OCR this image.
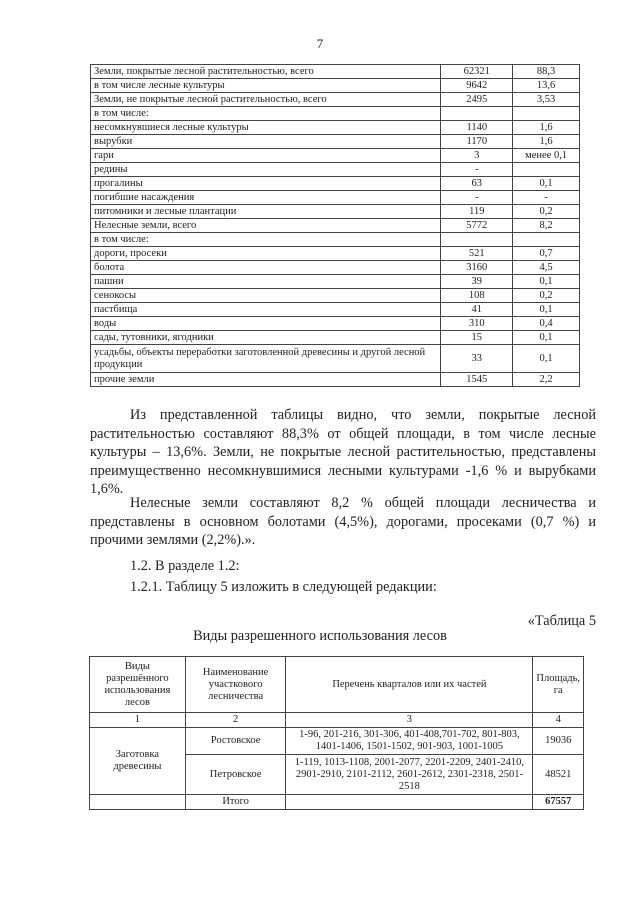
7
Земли, покрытые лесной растительностью, всего	62321	88,3
в том числе лесные культуры	9642	13,6
Земли, не покрытые лесной растительностью, всего	2495	3,53
в том числе:		
несомкнувшиеся лесные культуры	1140	1,6
вырубки	1170	1,6
гари	3	менее 0,1
редины	-	
прогалины	63	0,1
погибшие насаждения	-	-
питомники и лесные плантации	119	0,2
Нелесные земли, всего	5772	8,2
в том числе:		
дороги, просеки	521	0,7
болота	3160	4,5
пашни	39	0,1
сенокосы	108	0,2
пастбища	41	0,1
воды	310	0,4
сады, тутовники, ягодники	15	0,1
усадьбы, объекты переработки заготовленной древесины и другой лесной продукции	33	0,1
прочие земли	1545	2,2

Из представленной таблицы видно, что земли, покрытые лесной растительностью составляют 88,3% от общей площади, в том числе лесные культуры – 13,6%. Земли, не покрытые лесной растительностью, представлены преимущественно несомкнувшимися лесными культурами -1,6 % и вырубками 1,6%.

Нелесные земли составляют 8,2 % общей площади лесничества и представлены в основном болотами (4,5%), дорогами, просеками (0,7 %) и прочими землями (2,2%).».

1.2. В разделе 1.2:

1.2.1. Таблицу 5 изложить в следующей редакции:

«Таблица 5

Виды разрешенного использования лесов

Виды разрешённого использования лесов	Наименование участкового лесничества	Перечень кварталов или их частей	Площадь, га
1	2	3	4
Заготовка древесины	Ростовское	1-96, 201-216, 301-306, 401-408,701-702, 801-803, 1401-1406, 1501-1502, 901-903, 1001-1005	19036
	Петровское	1-119, 1013-1108, 2001-2077, 2201-2209, 2401-2410, 2901-2910, 2101-2112, 2601-2612, 2301-2318, 2501-2518	48521
	Итого		67557
